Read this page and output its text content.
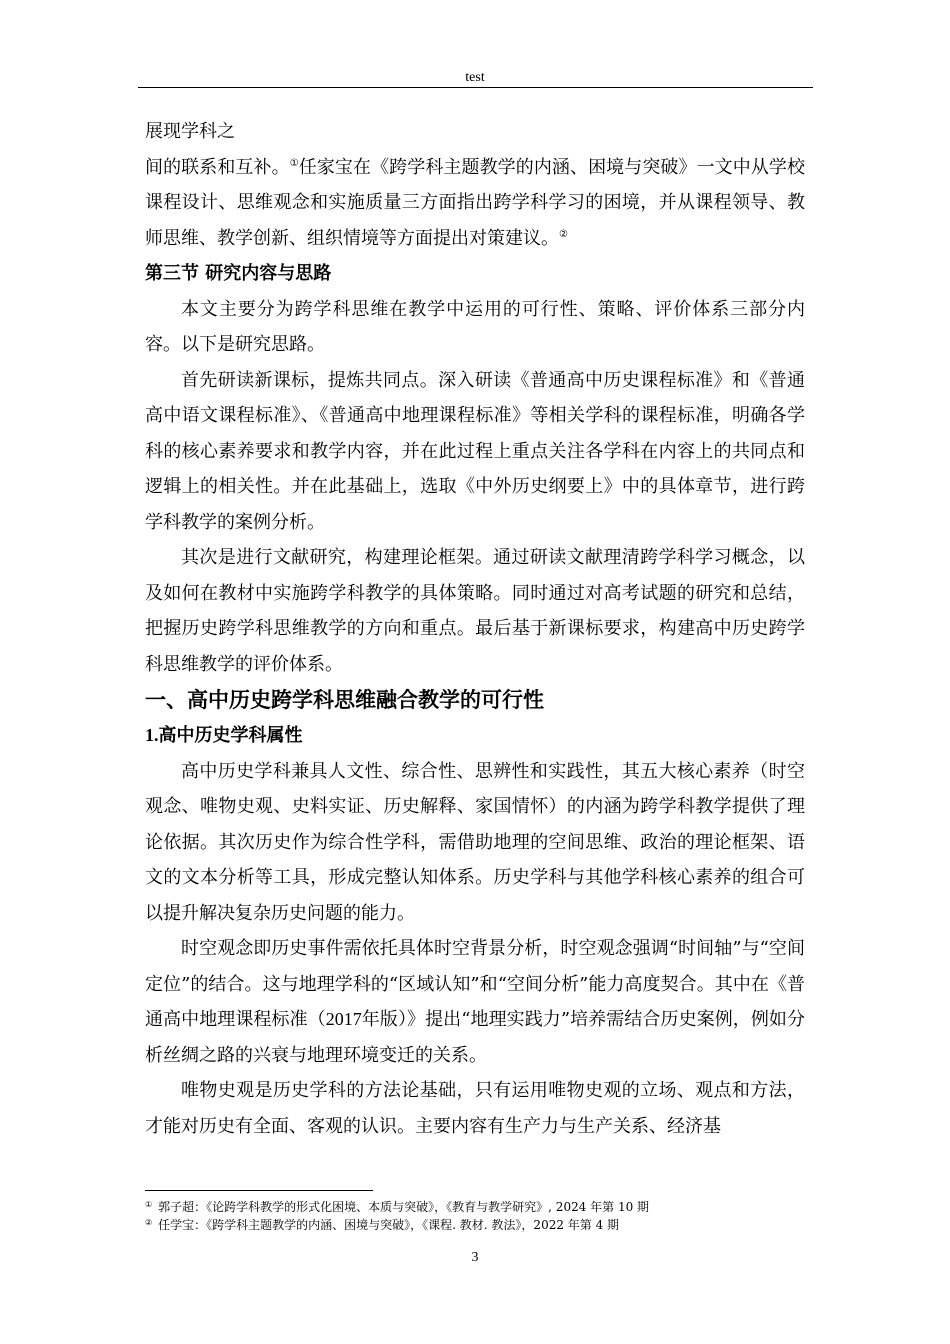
test

展现学科之

间的联系和互补。①任家宝在《跨学科主题教学的内涵、困境与突破》一文中从学校课程设计、思维观念和实施质量三方面指出跨学科学习的困境，并从课程领导、教师思维、教学创新、组织情境等方面提出对策建议。②

第三节 研究内容与思路

本文主要分为跨学科思维在教学中运用的可行性、策略、评价体系三部分内容。以下是研究思路。

首先研读新课标，提炼共同点。深入研读《普通高中历史课程标准》和《普通高中语文课程标准》、《普通高中地理课程标准》等相关学科的课程标准，明确各学科的核心素养要求和教学内容，并在此过程上重点关注各学科在内容上的共同点和逻辑上的相关性。并在此基础上，选取《中外历史纲要上》中的具体章节，进行跨学科教学的案例分析。

其次是进行文献研究，构建理论框架。通过研读文献理清跨学科学习概念，以及如何在教材中实施跨学科教学的具体策略。同时通过对高考试题的研究和总结，把握历史跨学科思维教学的方向和重点。最后基于新课标要求，构建高中历史跨学科思维教学的评价体系。

一、高中历史跨学科思维融合教学的可行性

1.高中历史学科属性

高中历史学科兼具人文性、综合性、思辨性和实践性，其五大核心素养（时空观念、唯物史观、史料实证、历史解释、家国情怀）的内涵为跨学科教学提供了理论依据。其次历史作为综合性学科，需借助地理的空间思维、政治的理论框架、语文的文本分析等工具，形成完整认知体系。历史学科与其他学科核心素养的组合可以提升解决复杂历史问题的能力。

时空观念即历史事件需依托具体时空背景分析，时空观念强调“时间轴”与“空间定位”的结合。这与地理学科的“区域认知”和“空间分析”能力高度契合。其中在《普通高中地理课程标准（2017年版）》提出“地理实践力”培养需结合历史案例，例如分析丝绸之路的兴衰与地理环境变迁的关系。

唯物史观是历史学科的方法论基础，只有运用唯物史观的立场、观点和方法，才能对历史有全面、客观的认识。主要内容有生产力与生产关系、经济基

① 郭子超：《论跨学科教学的形式化困境、本质与突破》，《教育与教学研究》, 2024 年第 10 期
② 任学宝：《跨学科主题教学的内涵、困境与突破》，《课程. 教材. 教法》，2022 年第 4 期
3
